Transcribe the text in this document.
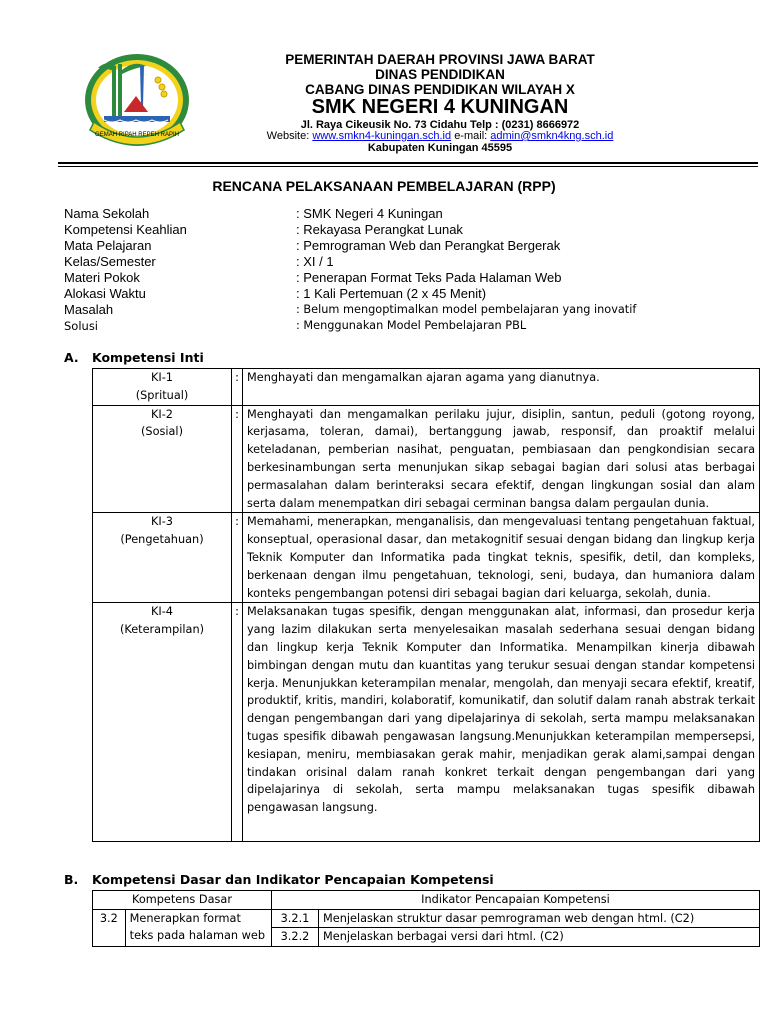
GEMAH RIPAH REPEH RAPIH
PEMERINTAH DAERAH PROVINSI JAWA BARAT
DINAS PENDIDIKAN
CABANG DINAS PENDIDIKAN WILAYAH X
SMK NEGERI 4 KUNINGAN
Jl. Raya Cikeusik No. 73 Cidahu Telp : (0231) 8666972
Website: www.smkn4-kuningan.sch.id e-mail: admin@smkn4kng.sch.id
Kabupaten Kuningan 45595
RENCANA PELAKSANAAN PEMBELAJARAN (RPP)
Nama Sekolah	: SMK Negeri 4 Kuningan
Kompetensi Keahlian	: Rekayasa Perangkat Lunak
Mata Pelajaran	: Pemrograman Web dan Perangkat Bergerak
Kelas/Semester	: XI / 1
Materi Pokok	: Penerapan Format Teks Pada Halaman Web
Alokasi Waktu	: 1 Kali Pertemuan (2 x 45 Menit)
Masalah	: Belum mengoptimalkan model pembelajaran yang inovatif
Solusi	: Menggunakan Model Pembelajaran PBL
A. Kompetensi Inti
KI-1
(Spritual)	:	Menghayati dan mengamalkan ajaran agama yang dianutnya.
KI-2
(Sosial)	:	Menghayati dan mengamalkan perilaku jujur, disiplin, santun, peduli (gotong royong, kerjasama, toleran, damai), bertanggung jawab, responsif, dan proaktif melalui keteladanan, pemberian nasihat, penguatan, pembiasaan dan pengkondisian secara berkesinambungan serta menunjukan sikap sebagai bagian dari solusi atas berbagai permasalahan dalam berinteraksi secara efektif, dengan lingkungan sosial dan alam serta dalam menempatkan diri sebagai cerminan bangsa dalam pergaulan dunia.
KI-3
(Pengetahuan)	:	Memahami, menerapkan, menganalisis, dan mengevaluasi tentang pengetahuan faktual, konseptual, operasional dasar, dan metakognitif sesuai dengan bidang dan lingkup kerja Teknik Komputer dan Informatika pada tingkat teknis, spesifik, detil, dan kompleks, berkenaan dengan ilmu pengetahuan, teknologi, seni, budaya, dan humaniora dalam konteks pengembangan potensi diri sebagai bagian dari keluarga, sekolah, dunia.
KI-4
(Keterampilan)	:	Melaksanakan tugas spesifik, dengan menggunakan alat, informasi, dan prosedur kerja yang lazim dilakukan serta menyelesaikan masalah sederhana sesuai dengan bidang dan lingkup kerja Teknik Komputer dan Informatika. Menampilkan kinerja dibawah bimbingan dengan mutu dan kuantitas yang terukur sesuai dengan standar kompetensi kerja. Menunjukkan keterampilan menalar, mengolah, dan menyaji secara efektif, kreatif, produktif, kritis, mandiri, kolaboratif, komunikatif, dan solutif dalam ranah abstrak terkait dengan pengembangan dari yang dipelajarinya di sekolah, serta mampu melaksanakan tugas spesifik dibawah pengawasan langsung.Menunjukkan keterampilan mempersepsi, kesiapan, meniru, membiasakan gerak mahir, menjadikan gerak alami,sampai dengan tindakan orisinal dalam ranah konkret terkait dengan pengembangan dari yang dipelajarinya di sekolah, serta mampu melaksanakan tugas spesifik dibawah pengawasan langsung.
B. Kompetensi Dasar dan Indikator Pencapaian Kompetensi
Kompetens Dasar		Indikator Pencapaian Kompetensi	
3.2	Menerapkan format teks pada halaman web	3.2.1	Menjelaskan struktur dasar pemrograman web dengan html. (C2)
		3.2.2	Menjelaskan berbagai versi dari html. (C2)
